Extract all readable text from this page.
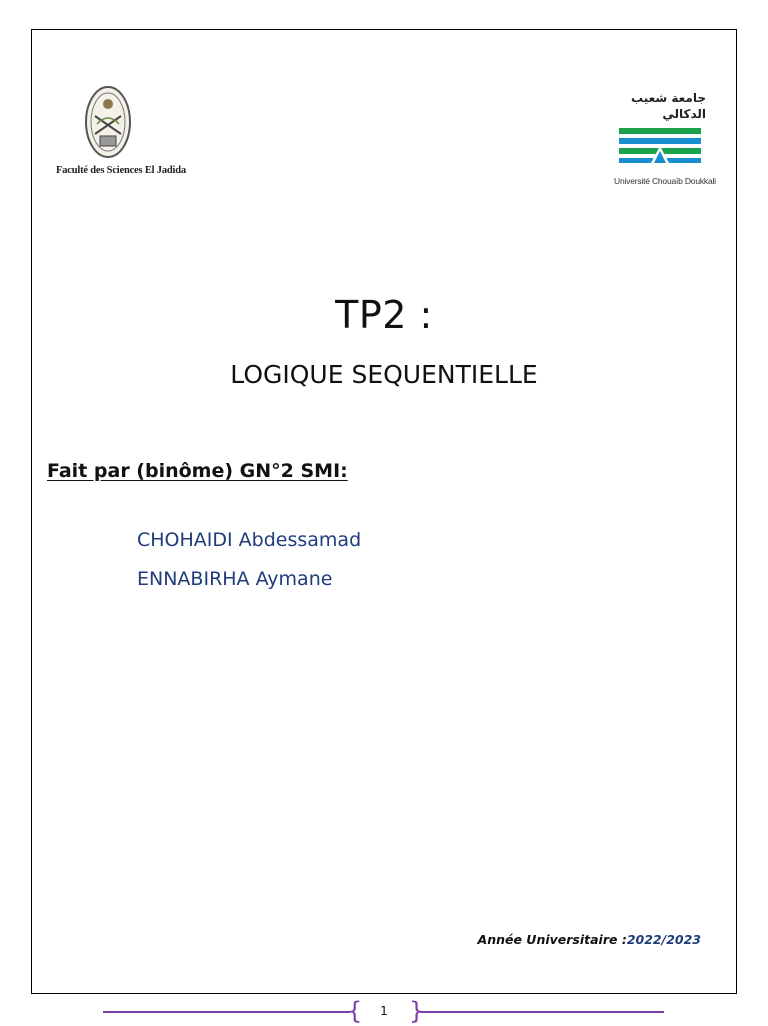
Faculté des Sciences El Jadida
جامعة شعيب الدكالي
Université Chouaïb Doukkali
TP2 :
LOGIQUE SEQUENTIELLE
Fait par (binôme) GN°2 SMI:
CHOHAIDI Abdessamad
ENNABIRHA Aymane
Année Universitaire :2022/2023
{ }
1
